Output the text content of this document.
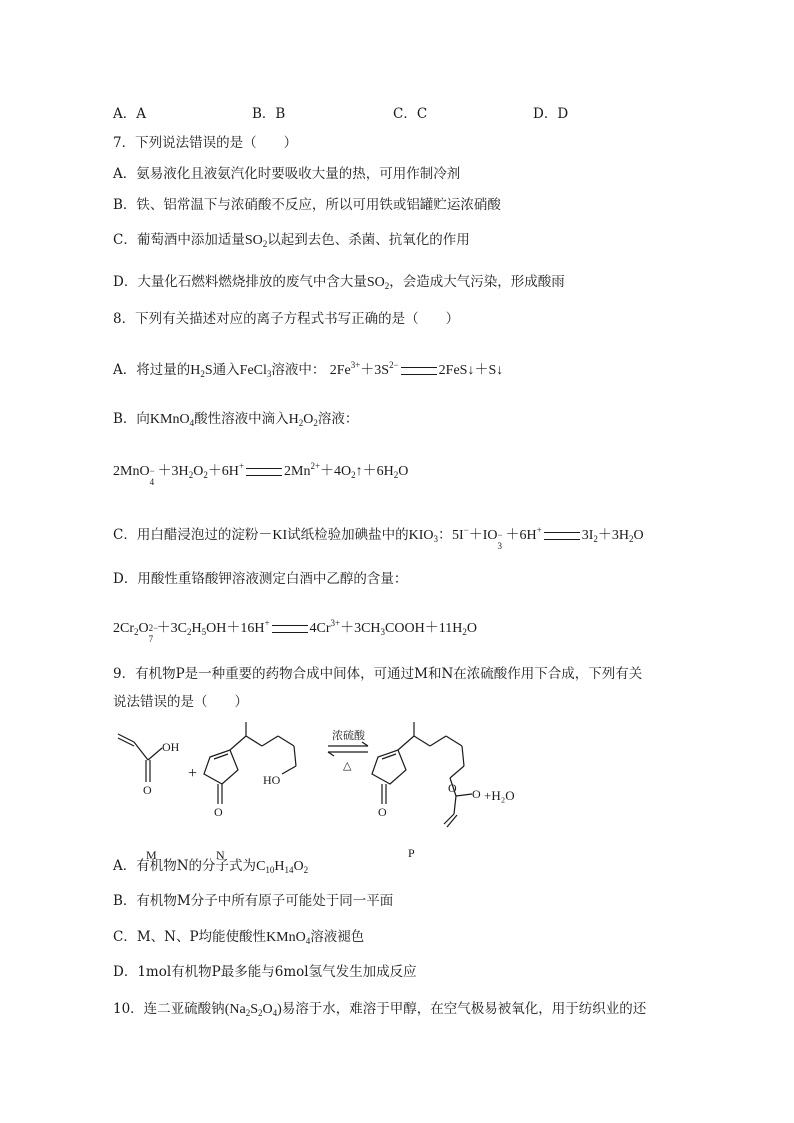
A．A	B．B	C．C	D．D
7．下列说法错误的是（　　）
A．氨易液化且液氨汽化时要吸收大量的热，可用作制冷剂
B．铁、铝常温下与浓硝酸不反应，所以可用铁或铝罐贮运浓硝酸
C．葡萄酒中添加适量$SO_2$以起到去色、杀菌、抗氧化的作用
D．大量化石燃料燃烧排放的废气中含大量$SO_2$，会造成大气污染，形成酸雨
8．下列有关描述对应的离子方程式书写正确的是（　　）
A．将过量的$H_2S$通入FeCl$_3$溶液中： $2Fe^{3+}+3S^{2-}$	2FeS↓＋S↓
B．向KMnO$_4$酸性溶液中滴入$H_2O_2$溶液：
2MnO −
4
$+3H_2O_2+6H^+$	$2Mn^{2+}+4O_2↑+6H_2O$
C．用白醋浸泡过的淀粉－KI试纸检验加碘盐中的$KIO_3$：5I−＋IO −
3
＋6H+	$3I_2+3H_2O$
D．用酸性重铬酸钾溶液测定白酒中乙醇的含量：
$2Cr_2O$ 2−
7
$+3C_2H_5OH+16H^+$	$4Cr^{3+}+3CH_3COOH+11H_2O$
9．有机物P是一种重要的药物合成中间体，可通过M和N在浓硫酸作用下合成，下列有关
说法错误的是（　　）
OH
O
+
O
HO
浓硫酸
△
O
O O +H₂O
M	N	P
A．有机物N的分子式为$C_{10}H_{14}O_2$
B．有机物M分子中所有原子可能处于同一平面
C．M、N、P均能使酸性KMnO$_4$溶液褪色
D．1mol有机物P最多能与6mol氢气发生加成反应
10．连二亚硫酸钠$(Na_2S_2O_4)$易溶于水，难溶于甲醇，在空气极易被氧化，用于纺织业的还
